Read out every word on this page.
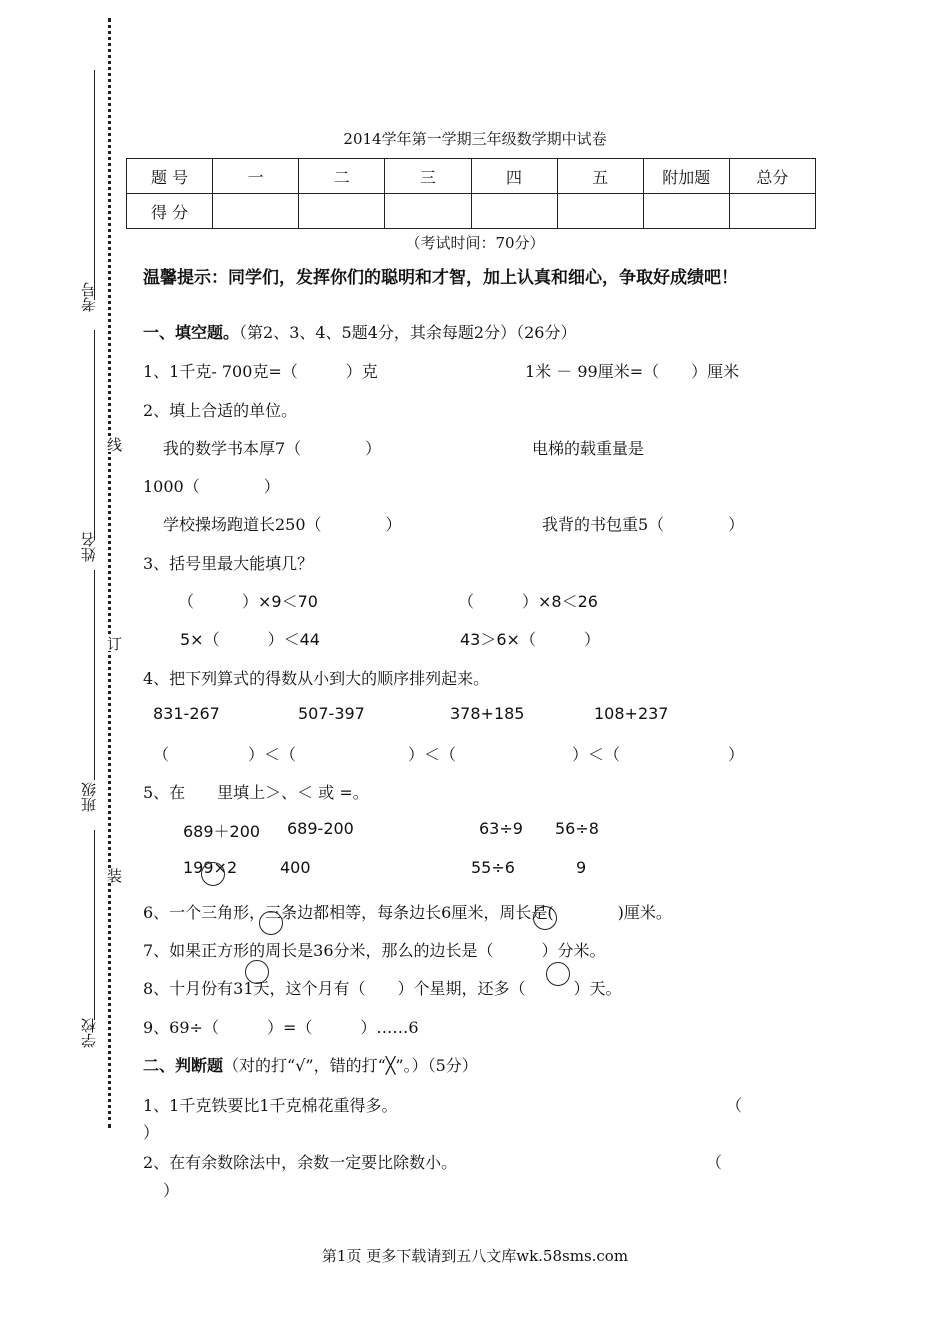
考号
姓名
班级
学校
线
订
装
2014学年第一学期三年级数学期中试卷
题 号	一	二	三	四	五	附加题	总分
得 分							
（考试时间：70分）
温馨提示：同学们，发挥你们的聪明和才智，加上认真和细心，争取好成绩吧！
一、填空题。（第2、3、4、5题4分，其余每题2分）（26分）
1、1千克- 700克=（　　　）克	1米 － 99厘米=（　　）厘米
2、填上合适的单位。
我的数学书本厚7（　　　　）	电梯的载重量是
1000（　　　　）
学校操场跑道长250（　　　　）	我背的书包重5（　　　　）
3、括号里最大能填几？
（　　　）×9＜70	（　　　）×8＜26
5×（　　　）＜44	43＞6×（　　　）
4、把下列算式的得数从小到大的顺序排列起来。
831-267	507-397	378+185	108+237
（	）＜（	）＜（	）＜（	）
5、在　　里填上＞、＜ 或 =。
689＋200 689-200	63÷9 56÷8
199×2	400	55÷6	9
6、一个三角形，三条边都相等，每条边长6厘米，周长是(　　　　)厘米。
7、如果正方形的周长是36分米，那么的边长是（　　　）分米。
8、十月份有31天，这个月有（　　）个星期，还多（　　　）天。
9、69÷（　　　）=（　　　）……6
二、判断题（对的打“√”，错的打“╳”。）（5分）
1、1千克铁要比1千克棉花重得多。	（
）
2、在有余数除法中，余数一定要比除数小。	（
）
第1页 更多下载请到五八文库wk.58sms.com
